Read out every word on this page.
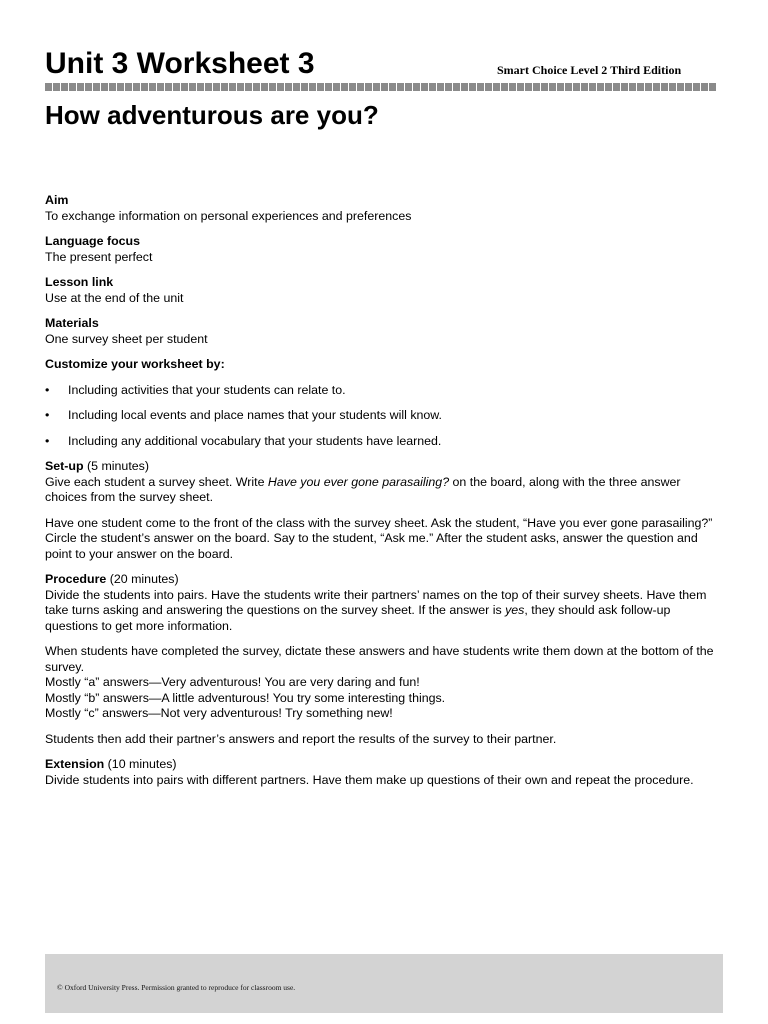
Unit 3 Worksheet 3	Smart Choice Level 2 Third Edition
How adventurous are you?
Aim
To exchange information on personal experiences and preferences
Language focus
The present perfect
Lesson link
Use at the end of the unit
Materials
One survey sheet per student
Customize your worksheet by:
• Including activities that your students can relate to.
• Including local events and place names that your students will know.
• Including any additional vocabulary that your students have learned.
Set-up (5 minutes)
Give each student a survey sheet. Write Have you ever gone parasailing? on the board, along with the three answer choices from the survey sheet.
Have one student come to the front of the class with the survey sheet. Ask the student, “Have you ever gone parasailing?” Circle the student’s answer on the board. Say to the student, “Ask me.” After the student asks, answer the question and point to your answer on the board.
Procedure (20 minutes)
Divide the students into pairs. Have the students write their partners’ names on the top of their survey sheets. Have them take turns asking and answering the questions on the survey sheet. If the answer is yes, they should ask follow-up questions to get more information.
When students have completed the survey, dictate these answers and have students write them down at the bottom of the survey.
Mostly “a” answers—Very adventurous! You are very daring and fun!
Mostly “b” answers—A little adventurous! You try some interesting things.
Mostly “c” answers—Not very adventurous! Try something new!
Students then add their partner’s answers and report the results of the survey to their partner.
Extension (10 minutes)
Divide students into pairs with different partners. Have them make up questions of their own and repeat the procedure.
© Oxford University Press. Permission granted to reproduce for classroom use.
